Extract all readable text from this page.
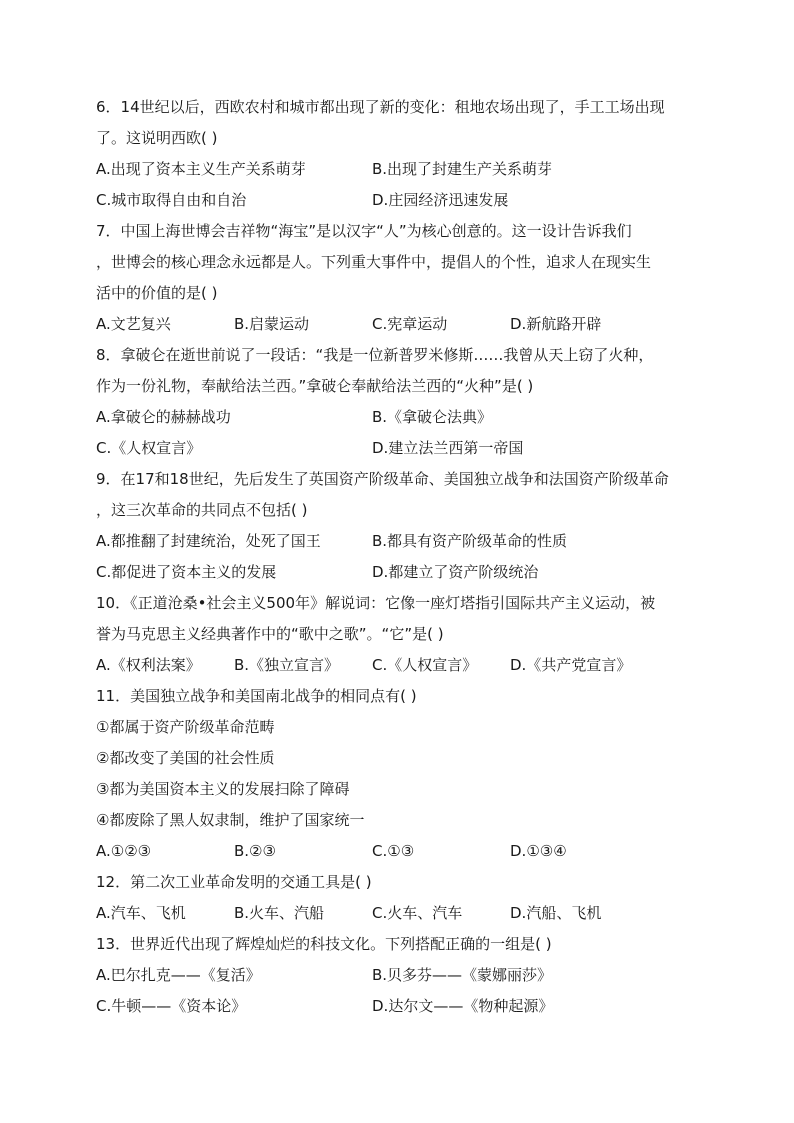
6．14世纪以后，西欧农村和城市都出现了新的变化：租地农场出现了，手工工场出现
了。这说明西欧( )
A.出现了资本主义生产关系萌芽	B.出现了封建生产关系萌芽
C.城市取得自由和自治	D.庄园经济迅速发展
7．中国上海世博会吉祥物“海宝”是以汉字“人”为核心创意的。这一设计告诉我们
，世博会的核心理念永远都是人。下列重大事件中，提倡人的个性，追求人在现实生
活中的价值的是( )
A.文艺复兴	B.启蒙运动	C.宪章运动	D.新航路开辟
8．拿破仑在逝世前说了一段话：“我是一位新普罗米修斯……我曾从天上窃了火种，
作为一份礼物，奉献给法兰西。”拿破仑奉献给法兰西的“火种”是( )
A.拿破仑的赫赫战功	B.《拿破仑法典》
C.《人权宣言》	D.建立法兰西第一帝国
9．在17和18世纪，先后发生了英国资产阶级革命、美国独立战争和法国资产阶级革命
，这三次革命的共同点不包括( )
A.都推翻了封建统治，处死了国王	B.都具有资产阶级革命的性质
C.都促进了资本主义的发展	D.都建立了资产阶级统治
10．《正道沧桑•社会主义500年》解说词：它像一座灯塔指引国际共产主义运动，被
誉为马克思主义经典著作中的“歌中之歌”。“它”是( )
A.《权利法案》	B.《独立宣言》	C.《人权宣言》	D.《共产党宣言》
11．美国独立战争和美国南北战争的相同点有( )
①都属于资产阶级革命范畴
②都改变了美国的社会性质
③都为美国资本主义的发展扫除了障碍
④都废除了黑人奴隶制，维护了国家统一
A.①②③	B.②③	C.①③	D.①③④
12．第二次工业革命发明的交通工具是( )
A.汽车、飞机	B.火车、汽船	C.火车、汽车	D.汽船、飞机
13．世界近代出现了辉煌灿烂的科技文化。下列搭配正确的一组是( )
A.巴尔扎克——《复活》	B.贝多芬——《蒙娜丽莎》
C.牛顿——《资本论》	D.达尔文——《物种起源》
